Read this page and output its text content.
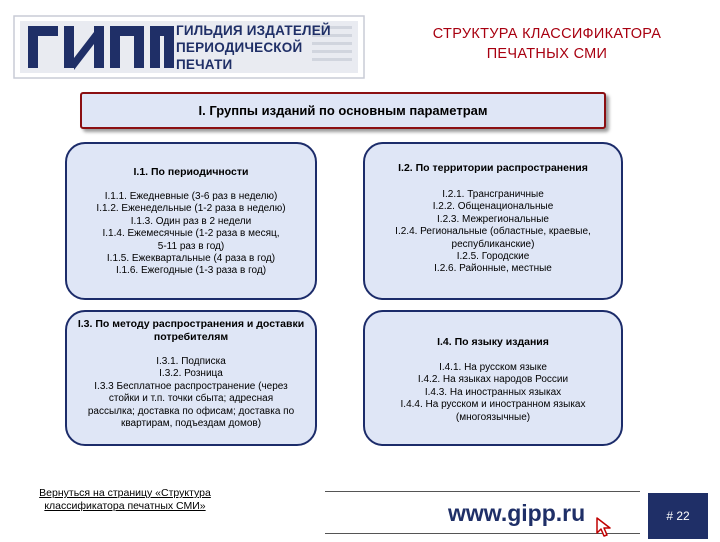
ГИЛЬДИЯ ИЗДАТЕЛЕЙ
ПЕРИОДИЧЕСКОЙ ПЕЧАТИ
СТРУКТУРА КЛАССИФИКАТОРА
ПЕЧАТНЫХ СМИ
I. Группы изданий по основным параметрам
I.1. По периодичности
I.1.1. Ежедневные (3-6 раз в неделю)
I.1.2. Еженедельные (1-2 раза в неделю)
I.1.3. Один раз в 2 недели
I.1.4. Ежемесячные (1-2 раза в месяц,
5-11 раз в год)
I.1.5. Ежеквартальные (4 раза в год)
I.1.6. Ежегодные (1-3 раза в год)
I.2. По территории распространения
I.2.1. Трансграничные
I.2.2. Общенациональные
I.2.3. Межрегиональные
I.2.4. Региональные (областные, краевые,
республиканские)
I.2.5. Городские
I.2.6. Районные, местные
I.3. По методу распространения и доставки потребителям
I.3.1. Подписка
I.3.2. Розница
I.3.3 Бесплатное распространение (через
стойки и т.п. точки сбыта; адресная
рассылка; доставка по офисам; доставка по
квартирам, подъездам домов)
I.4. По языку издания
I.4.1. На русском языке
I.4.2. На языках народов России
I.4.3. На иностранных языках
I.4.4. На русском и иностранном языках
(многоязычные)
Вернуться на страницу «Структура классификатора печатных СМИ»	www.gipp.ru	# 22
